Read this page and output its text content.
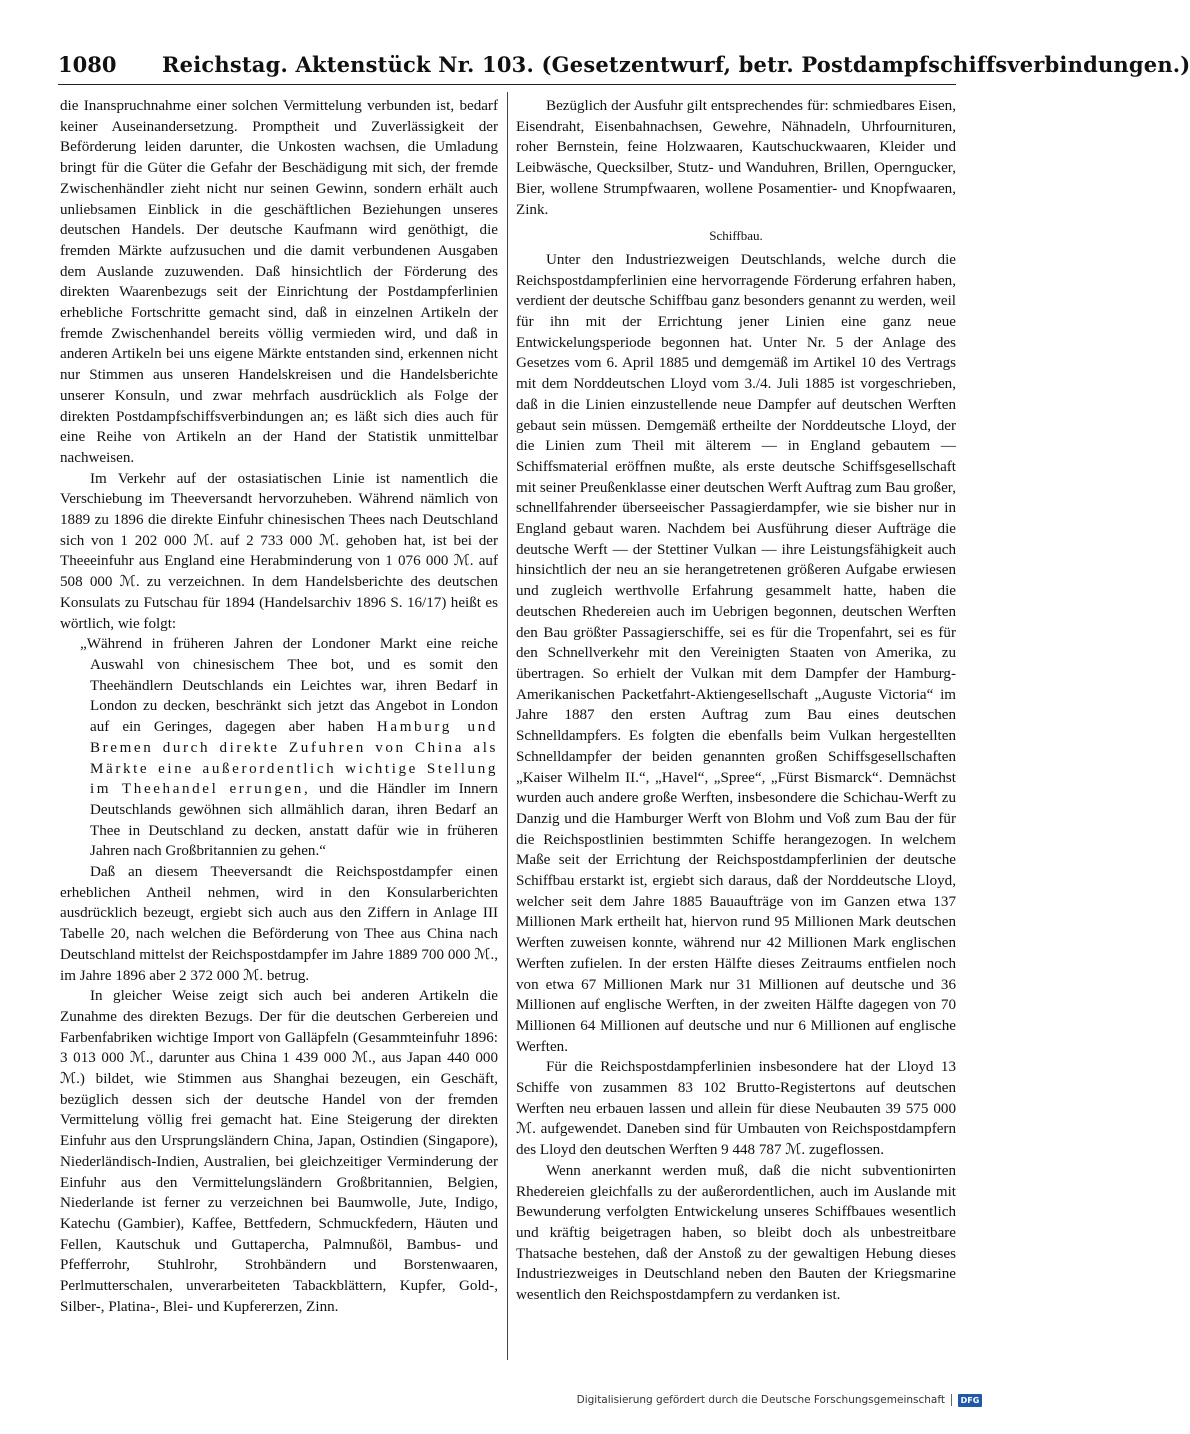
1080 Reichstag. Aktenstück Nr. 103. (Gesetzentwurf, betr. Postdampfschiffsverbindungen.)

die Inanspruchnahme einer solchen Vermittelung verbunden ist, bedarf keiner Auseinandersetzung. Promptheit und Zuverlässigkeit der Beförderung leiden darunter, die Unkosten wachsen, die Umladung bringt für die Güter die Gefahr der Beschädigung mit sich, der fremde Zwischenhändler zieht nicht nur seinen Gewinn, sondern erhält auch unliebsamen Einblick in die geschäftlichen Beziehungen unseres deutschen Handels. Der deutsche Kaufmann wird genöthigt, die fremden Märkte aufzusuchen und die damit verbundenen Ausgaben dem Auslande zuzuwenden. Daß hinsichtlich der Förderung des direkten Waarenbezugs seit der Einrichtung der Postdampferlinien erhebliche Fortschritte gemacht sind, daß in einzelnen Artikeln der fremde Zwischenhandel bereits völlig vermieden wird, und daß in anderen Artikeln bei uns eigene Märkte entstanden sind, erkennen nicht nur Stimmen aus unseren Handelskreisen und die Handelsberichte unserer Konsuln, und zwar mehrfach ausdrücklich als Folge der direkten Postdampfschiffsverbindungen an; es läßt sich dies auch für eine Reihe von Artikeln an der Hand der Statistik unmittelbar nachweisen.

Im Verkehr auf der ostasiatischen Linie ist namentlich die Verschiebung im Theeversandt hervorzuheben. Während nämlich von 1889 zu 1896 die direkte Einfuhr chinesischen Thees nach Deutschland sich von 1 202 000 ℳ. auf 2 733 000 ℳ. gehoben hat, ist bei der Theeeinfuhr aus England eine Herabminderung von 1 076 000 ℳ. auf 508 000 ℳ. zu verzeichnen. In dem Handelsberichte des deutschen Konsulats zu Futschau für 1894 (Handelsarchiv 1896 S. 16/17) heißt es wörtlich, wie folgt:

„Während in früheren Jahren der Londoner Markt eine reiche Auswahl von chinesischem Thee bot, und es somit den Theehändlern Deutschlands ein Leichtes war, ihren Bedarf in London zu decken, beschränkt sich jetzt das Angebot in London auf ein Geringes, dagegen aber haben Hamburg und Bremen durch direkte Zufuhren von China als Märkte eine außerordentlich wichtige Stellung im Theehandel errungen, und die Händler im Innern Deutschlands gewöhnen sich allmählich daran, ihren Bedarf an Thee in Deutschland zu decken, anstatt dafür wie in früheren Jahren nach Großbritannien zu gehen.“

Daß an diesem Theeversandt die Reichspostdampfer einen erheblichen Antheil nehmen, wird in den Konsularberichten ausdrücklich bezeugt, ergiebt sich auch aus den Ziffern in Anlage III Tabelle 20, nach welchen die Beförderung von Thee aus China nach Deutschland mittelst der Reichspostdampfer im Jahre 1889 700 000 ℳ., im Jahre 1896 aber 2 372 000 ℳ. betrug.

In gleicher Weise zeigt sich auch bei anderen Artikeln die Zunahme des direkten Bezugs. Der für die deutschen Gerbereien und Farbenfabriken wichtige Import von Galläpfeln (Gesammteinfuhr 1896: 3 013 000 ℳ., darunter aus China 1 439 000 ℳ., aus Japan 440 000 ℳ.) bildet, wie Stimmen aus Shanghai bezeugen, ein Geschäft, bezüglich dessen sich der deutsche Handel von der fremden Vermittelung völlig frei gemacht hat. Eine Steigerung der direkten Einfuhr aus den Ursprungsländern China, Japan, Ostindien (Singapore), Niederländisch-Indien, Australien, bei gleichzeitiger Verminderung der Einfuhr aus den Vermittelungsländern Großbritannien, Belgien, Niederlande ist ferner zu verzeichnen bei Baumwolle, Jute, Indigo, Katechu (Gambier), Kaffee, Bettfedern, Schmuckfedern, Häuten und Fellen, Kautschuk und Guttapercha, Palmnußöl, Bambus- und Pfefferrohr, Stuhlrohr, Strohbändern und Borstenwaaren, Perlmutterschalen, unverarbeiteten Tabackblättern, Kupfer, Gold-, Silber-, Platina-, Blei- und Kupfererzen, Zinn.

Bezüglich der Ausfuhr gilt entsprechendes für: schmiedbares Eisen, Eisendraht, Eisenbahnachsen, Gewehre, Nähnadeln, Uhrfournituren, roher Bernstein, feine Holzwaaren, Kautschuckwaaren, Kleider und Leibwäsche, Quecksilber, Stutz- und Wanduhren, Brillen, Operngucker, Bier, wollene Strumpfwaaren, wollene Posamentier- und Knopfwaaren, Zink.

Schiffbau.

Unter den Industriezweigen Deutschlands, welche durch die Reichspostdampferlinien eine hervorragende Förderung erfahren haben, verdient der deutsche Schiffbau ganz besonders genannt zu werden, weil für ihn mit der Errichtung jener Linien eine ganz neue Entwickelungsperiode begonnen hat. Unter Nr. 5 der Anlage des Gesetzes vom 6. April 1885 und demgemäß im Artikel 10 des Vertrags mit dem Norddeutschen Lloyd vom 3./4. Juli 1885 ist vorgeschrieben, daß in die Linien einzustellende neue Dampfer auf deutschen Werften gebaut sein müssen. Demgemäß ertheilte der Norddeutsche Lloyd, der die Linien zum Theil mit älterem — in England gebautem — Schiffsmaterial eröffnen mußte, als erste deutsche Schiffsgesellschaft mit seiner Preußenklasse einer deutschen Werft Auftrag zum Bau großer, schnellfahrender überseeischer Passagierdampfer, wie sie bisher nur in England gebaut waren. Nachdem bei Ausführung dieser Aufträge die deutsche Werft — der Stettiner Vulkan — ihre Leistungsfähigkeit auch hinsichtlich der neu an sie herangetretenen größeren Aufgabe erwiesen und zugleich werthvolle Erfahrung gesammelt hatte, haben die deutschen Rhedereien auch im Uebrigen begonnen, deutschen Werften den Bau größter Passagierschiffe, sei es für die Tropenfahrt, sei es für den Schnellverkehr mit den Vereinigten Staaten von Amerika, zu übertragen. So erhielt der Vulkan mit dem Dampfer der Hamburg-Amerikanischen Packetfahrt-Aktiengesellschaft „Auguste Victoria“ im Jahre 1887 den ersten Auftrag zum Bau eines deutschen Schnelldampfers. Es folgten die ebenfalls beim Vulkan hergestellten Schnelldampfer der beiden genannten großen Schiffsgesellschaften „Kaiser Wilhelm II.“, „Havel“, „Spree“, „Fürst Bismarck“. Demnächst wurden auch andere große Werften, insbesondere die Schichau-Werft zu Danzig und die Hamburger Werft von Blohm und Voß zum Bau der für die Reichspostlinien bestimmten Schiffe herangezogen. In welchem Maße seit der Errichtung der Reichspostdampferlinien der deutsche Schiffbau erstarkt ist, ergiebt sich daraus, daß der Norddeutsche Lloyd, welcher seit dem Jahre 1885 Bauaufträge von im Ganzen etwa 137 Millionen Mark ertheilt hat, hiervon rund 95 Millionen Mark deutschen Werften zuweisen konnte, während nur 42 Millionen Mark englischen Werften zufielen. In der ersten Hälfte dieses Zeitraums entfielen noch von etwa 67 Millionen Mark nur 31 Millionen auf deutsche und 36 Millionen auf englische Werften, in der zweiten Hälfte dagegen von 70 Millionen 64 Millionen auf deutsche und nur 6 Millionen auf englische Werften.

Für die Reichspostdampferlinien insbesondere hat der Lloyd 13 Schiffe von zusammen 83 102 Brutto-Registertons auf deutschen Werften neu erbauen lassen und allein für diese Neubauten 39 575 000 ℳ. aufgewendet. Daneben sind für Umbauten von Reichspostdampfern des Lloyd den deutschen Werften 9 448 787 ℳ. zugeflossen.

Wenn anerkannt werden muß, daß die nicht subventionirten Rhedereien gleichfalls zu der außerordentlichen, auch im Auslande mit Bewunderung verfolgten Entwickelung unseres Schiffbaues wesentlich und kräftig beigetragen haben, so bleibt doch als unbestreitbare Thatsache bestehen, daß der Anstoß zu der gewaltigen Hebung dieses Industriezweiges in Deutschland neben den Bauten der Kriegsmarine wesentlich den Reichspostdampfern zu verdanken ist.

Digitalisierung gefördert durch die Deutsche Forschungsgemeinschaft	DFG
